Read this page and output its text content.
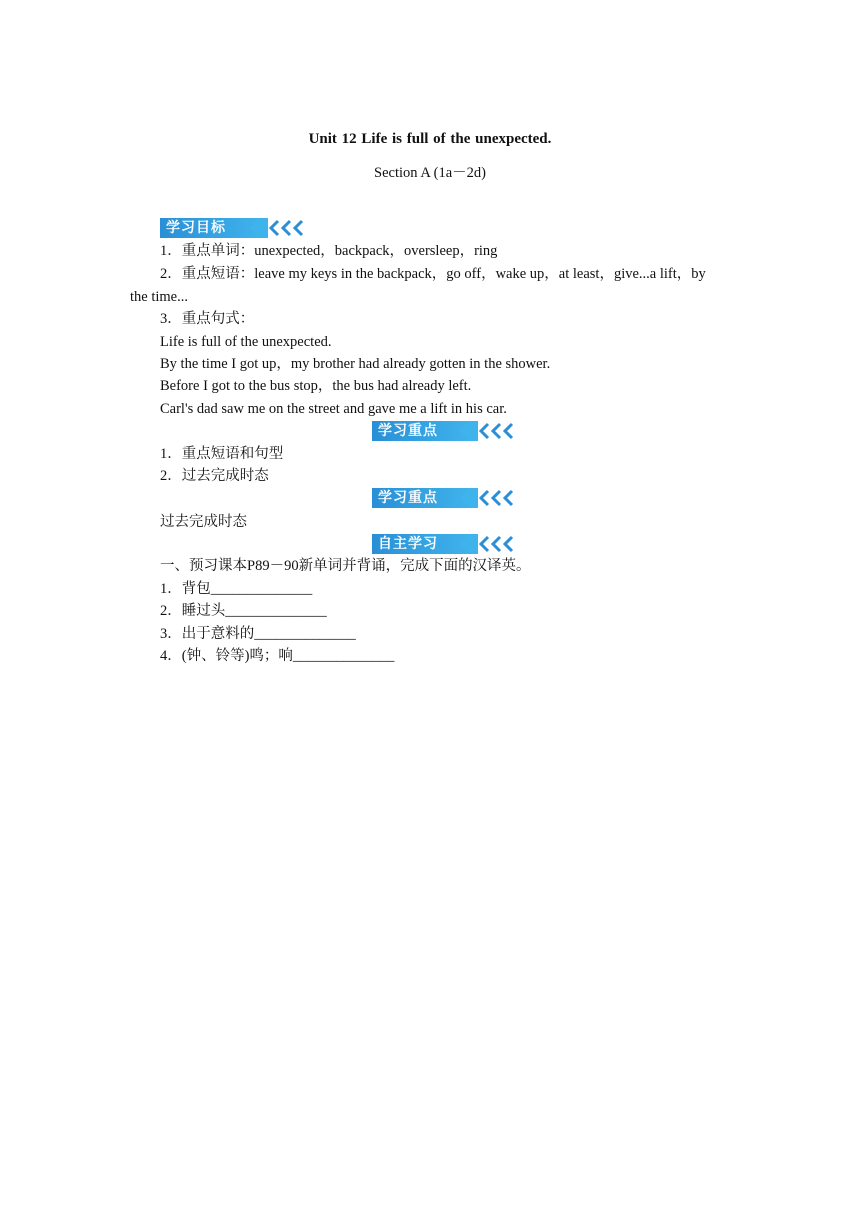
Unit 12 Life is full of the unexpected.
Section A (1a－2d)
学习目标
1．重点单词：unexpected，backpack，oversleep，ring
2．重点短语：leave my keys in the backpack，go off，wake up，at least，give...a lift，by
the time...
3．重点句式：
Life is full of the unexpected.
By the time I got up，my brother had already gotten in the shower.
Before I got to the bus stop，the bus had already left.
Carl's dad saw me on the street and gave me a lift in his car.
学习重点
1．重点短语和句型
2．过去完成时态
学习重点
过去完成时态
自主学习
一、预习课本P89－90新单词并背诵，完成下面的汉译英。
1．背包______________
2．睡过头______________
3．出于意料的______________
4．(钟、铃等)鸣；响______________
